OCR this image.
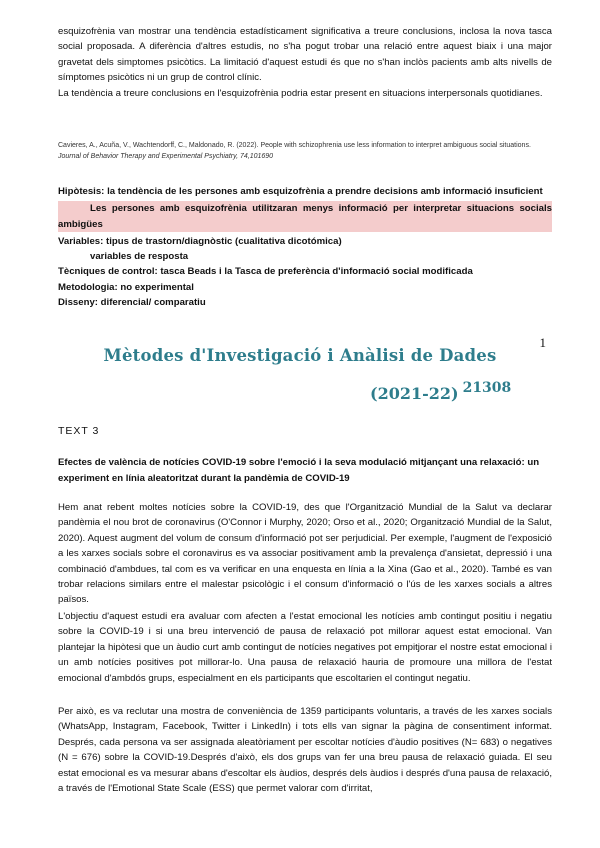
esquizofrènia van mostrar una tendència estadísticament significativa a treure conclusions, inclosa la nova tasca social proposada. A diferència d'altres estudis, no s'ha pogut trobar una relació entre aquest biaix i una major gravetat dels simptomes psicòtics. La limitació d'aquest estudi és que no s'han inclòs pacients amb alts nivells de símptomes psicòtics ni un grup de control clínic.

La tendència a treure conclusions en l'esquizofrènia podria estar present en situacions interpersonals quotidianes.

Cavieres, A., Acuña, V., Wachtendorff, C., Maldonado, R. (2022). People with schizophrenia use less information to interpret ambiguous social situations. Journal of Behavior Therapy and Experimental Psychiatry, 74,101690

Hipòtesis: la tendència de les persones amb esquizofrènia a prendre decisions amb informació insuficient

Les persones amb esquizofrènia utilitzaran menys informació per interpretar situacions socials ambigües

Variables: tipus de trastorn/diagnòstic (cualitativa dicotómica)

variables de resposta

Tècniques de control: tasca Beads i la Tasca de preferència d'informació social modificada

Metodologia: no experimental

Disseny: diferencial/ comparatiu

1
Mètodes d'Investigació i Anàlisi de Dades
(2021-22) $^{21308}$
TEXT 3
Efectes de valència de notícies COVID-19 sobre l'emoció i la seva modulació mitjançant una relaxació: un experiment en línia aleatoritzat durant la pandèmia de COVID-19

Hem anat rebent moltes notícies sobre la COVID-19, des que l'Organització Mundial de la Salut va declarar pandèmia el nou brot de coronavirus (O'Connor i Murphy, 2020; Orso et al., 2020; Organització Mundial de la Salut, 2020). Aquest augment del volum de consum d'informació pot ser perjudicial. Per exemple, l'augment de l'exposició a les xarxes socials sobre el coronavirus es va associar positivament amb la prevalença d'ansietat, depressió i una combinació d'ambdues, tal com es va verificar en una enquesta en línia a la Xina (Gao et al., 2020). També es van trobar relacions similars entre el malestar psicològic i el consum d'informació o l'ús de les xarxes socials a altres països.

L'objectiu d'aquest estudi era avaluar com afecten a l'estat emocional les notícies amb contingut positiu i negatiu sobre la COVID-19 i si una breu intervenció de pausa de relaxació pot millorar aquest estat emocional. Van plantejar la hipòtesi que un àudio curt amb contingut de notícies negatives pot empitjorar el nostre estat emocional i un amb notícies positives pot millorar-lo. Una pausa de relaxació hauria de promoure una millora de l'estat emocional d'ambdós grups, especialment en els participants que escoltarien el contingut negatiu.

Per això, es va reclutar una mostra de conveniència de 1359 participants voluntaris, a través de les xarxes socials (WhatsApp, Instagram, Facebook, Twitter i LinkedIn) i tots ells van signar la pàgina de consentiment informat. Després, cada persona va ser assignada aleatòriament per escoltar notícies d'àudio positives (N= 683) o negatives (N = 676) sobre la COVID-19.Després d'això, els dos grups van fer una breu pausa de relaxació guiada. El seu estat emocional es va mesurar abans d'escoltar els àudios, després dels àudios i després d'una pausa de relaxació, a través de l'Emotional State Scale (ESS) que permet valorar com d'irritat,
